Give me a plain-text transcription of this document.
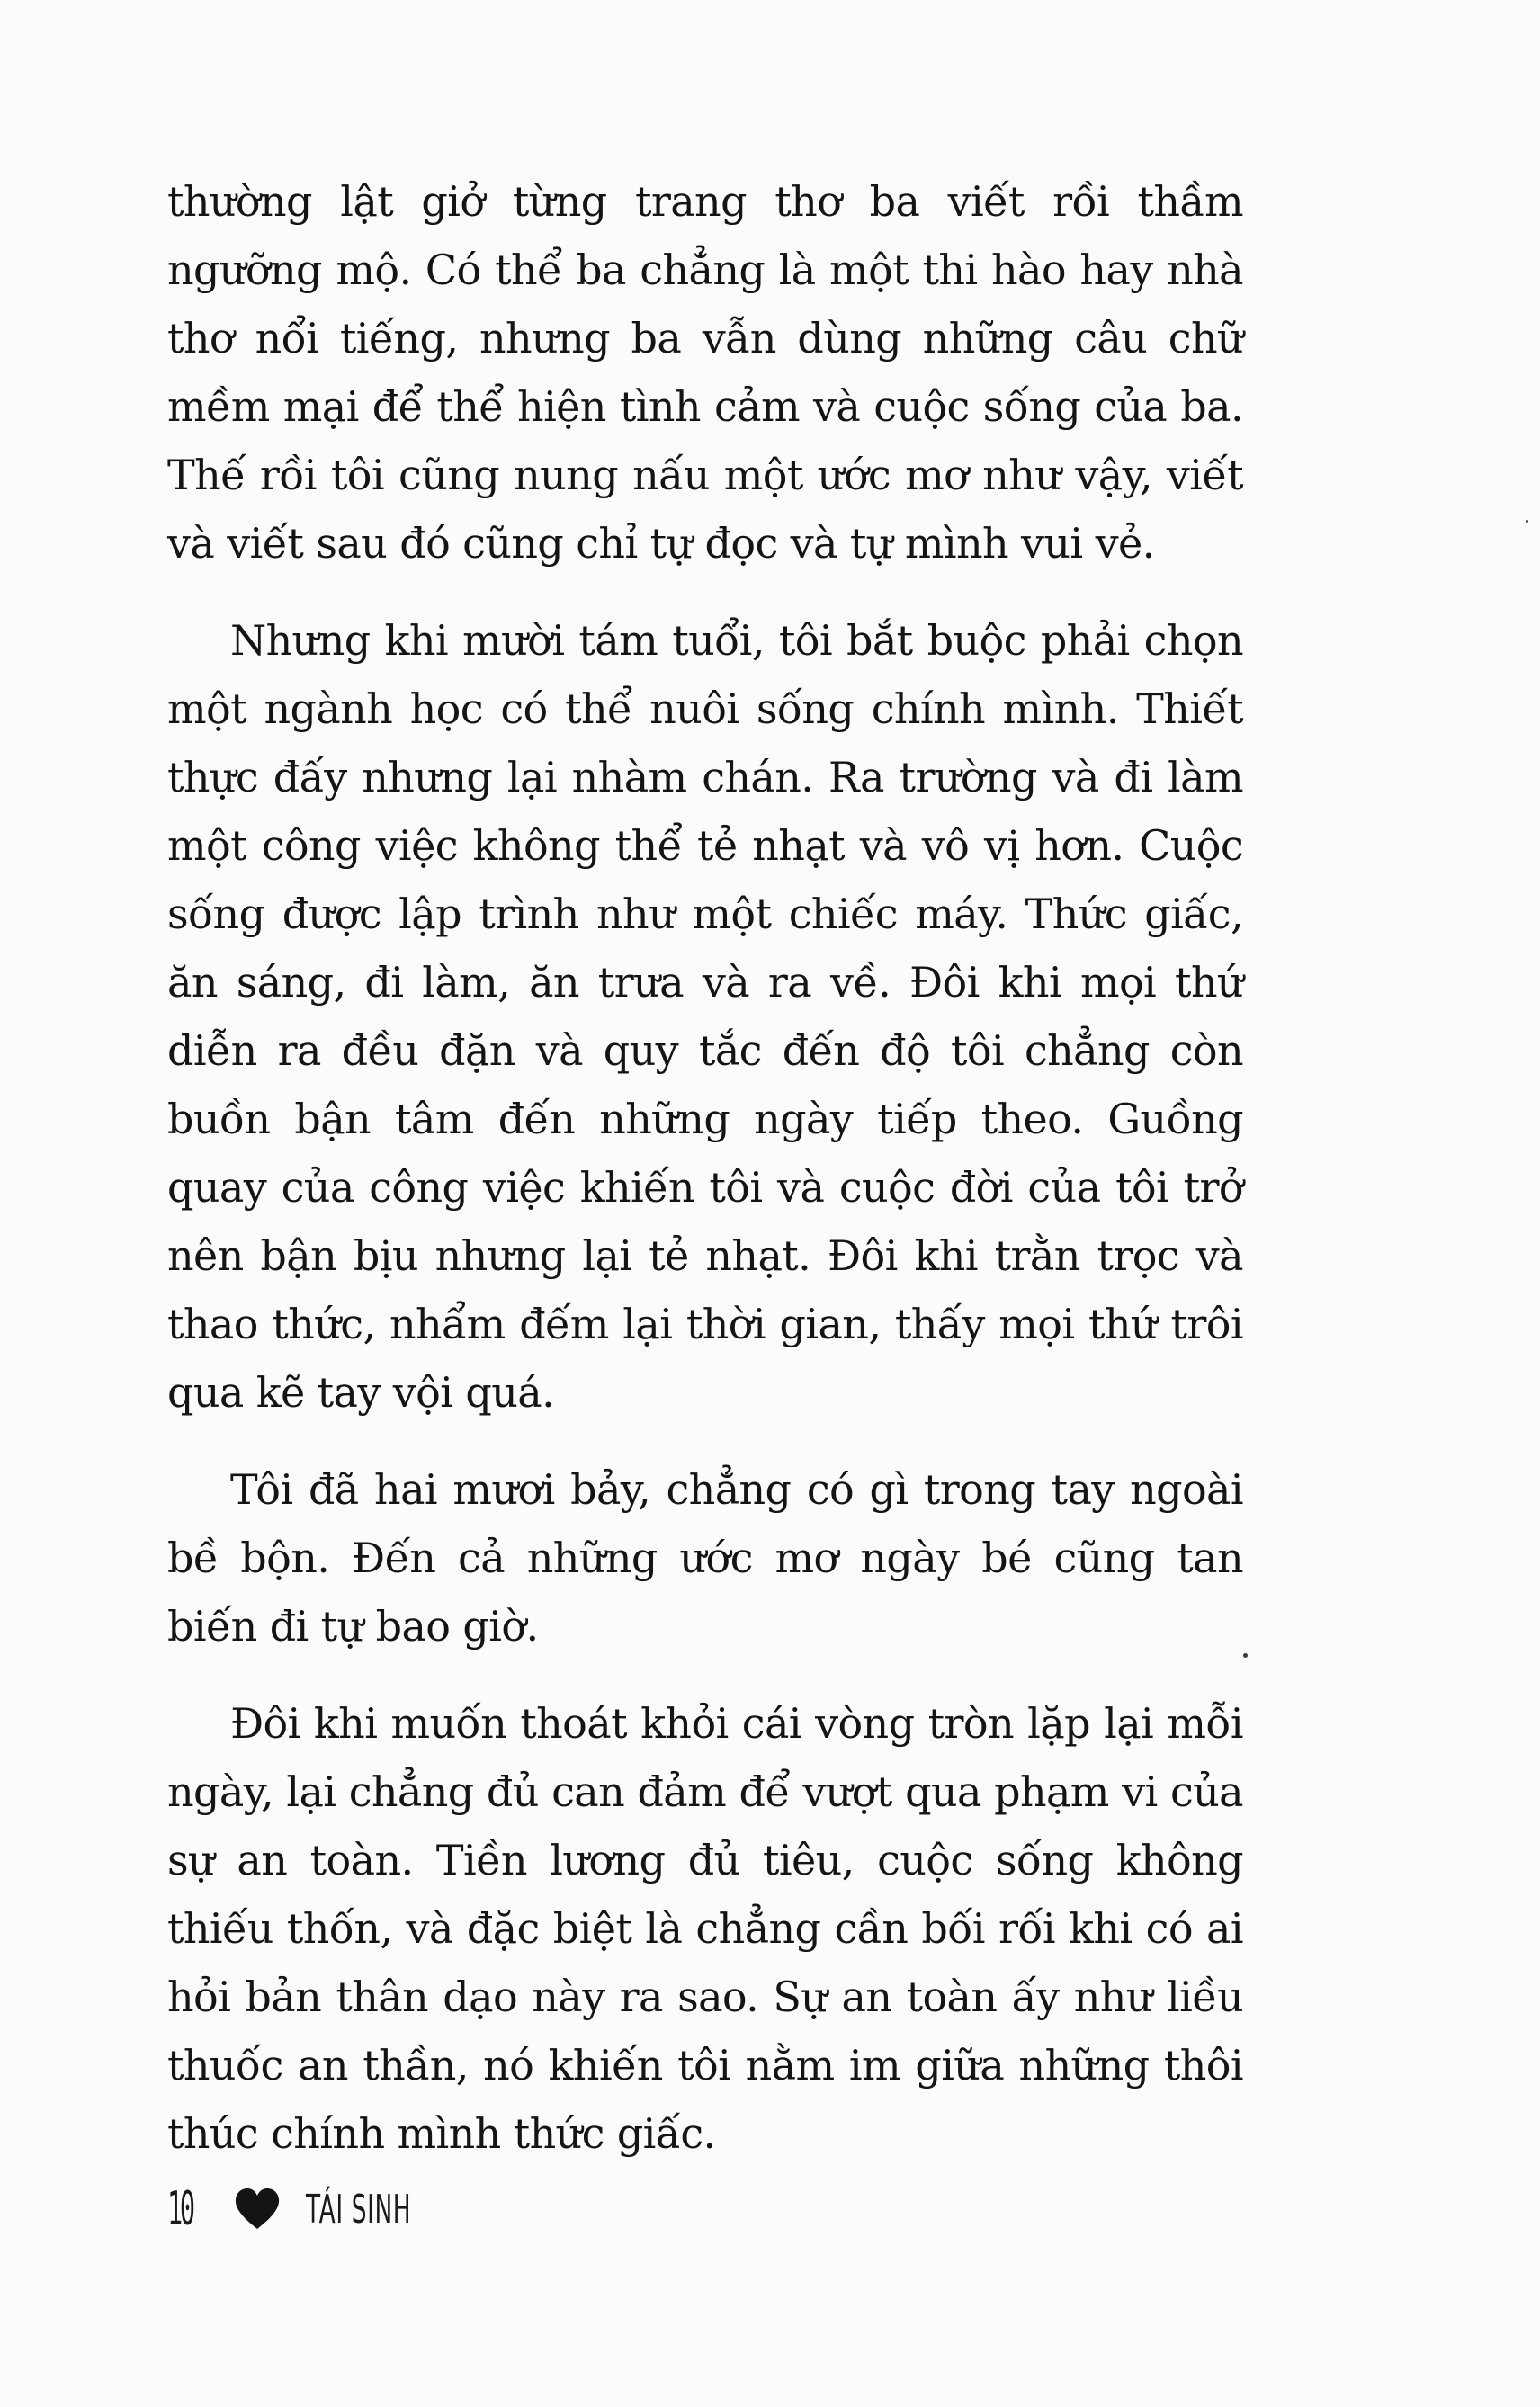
thường lật giở từng trang thơ ba viết rồi thầm ngưỡng mộ. Có thể ba chẳng là một thi hào hay nhà thơ nổi tiếng, nhưng ba vẫn dùng những câu chữ mềm mại để thể hiện tình cảm và cuộc sống của ba. Thế rồi tôi cũng nung nấu một ước mơ như vậy, viết và viết sau đó cũng chỉ tự đọc và tự mình vui vẻ.

Nhưng khi mười tám tuổi, tôi bắt buộc phải chọn một ngành học có thể nuôi sống chính mình. Thiết thực đấy nhưng lại nhàm chán. Ra trường và đi làm một công việc không thể tẻ nhạt và vô vị hơn. Cuộc sống được lập trình như một chiếc máy. Thức giấc, ăn sáng, đi làm, ăn trưa và ra về. Đôi khi mọi thứ diễn ra đều đặn và quy tắc đến độ tôi chẳng còn buồn bận tâm đến những ngày tiếp theo. Guồng quay của công việc khiến tôi và cuộc đời của tôi trở nên bận bịu nhưng lại tẻ nhạt. Đôi khi trằn trọc và thao thức, nhẩm đếm lại thời gian, thấy mọi thứ trôi qua kẽ tay vội quá.

Tôi đã hai mươi bảy, chẳng có gì trong tay ngoài bề bộn. Đến cả những ước mơ ngày bé cũng tan biến đi tự bao giờ.

Đôi khi muốn thoát khỏi cái vòng tròn lặp lại mỗi ngày, lại chẳng đủ can đảm để vượt qua phạm vi của sự an toàn. Tiền lương đủ tiêu, cuộc sống không thiếu thốn, và đặc biệt là chẳng cần bối rối khi có ai hỏi bản thân dạo này ra sao. Sự an toàn ấy như liều thuốc an thần, nó khiến tôi nằm im giữa những thôi thúc chính mình thức giấc.

10	TÁI SINH
